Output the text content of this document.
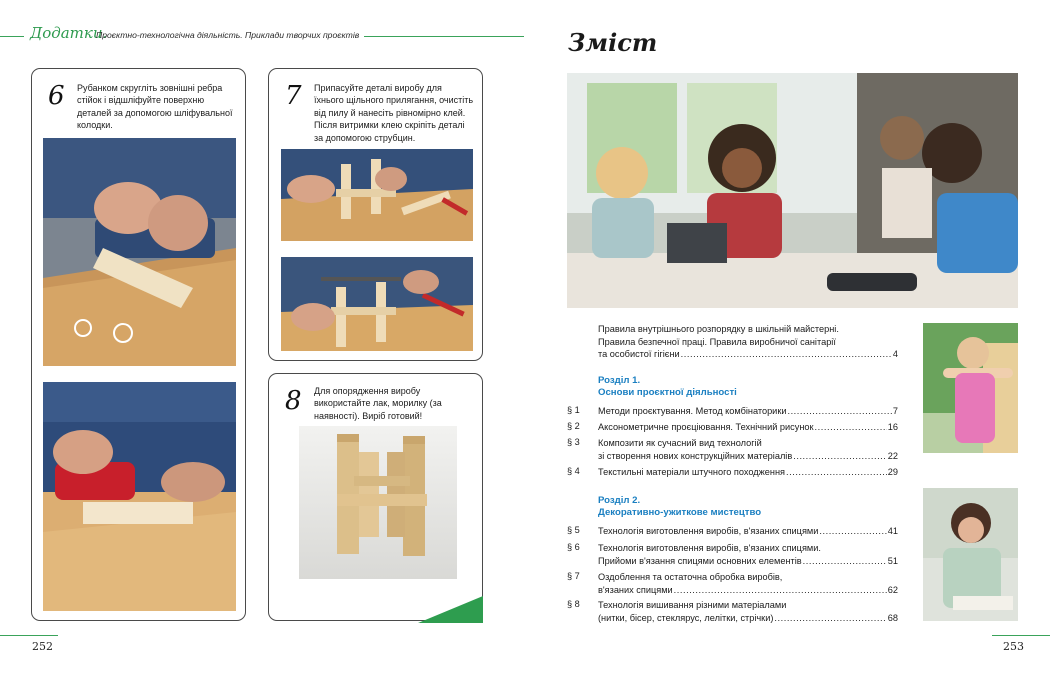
Додатки.
Проєктно-технологічна діяльність. Приклади творчих проєктів
6 Рубанком скругліть зовнішні ребра стійок і відшліфуйте поверхню деталей за допомогою шліфувальної колодки.
7 Припасуйте деталі виробу для їхнього щільного прилягання, очистіть від пилу й нанесіть рівномірно клей. Після витримки клею скріпіть деталі за допомогою струбцин.
8 Для опорядження виробу використайте лак, морилку (за наявності). Виріб готовий!
252
Зміст
Правила внутрішнього розпорядку в шкільній майстерні.
Правила безпечної праці. Правила виробничої санітарії
та особистої гігієни . . .	4
Розділ 1.
Основи проєктної діяльності
§ 1 Методи проєктування. Метод комбінаторики . . .	7
§ 2 Аксонометричне проєціювання. Технічний рисунок . . .	16
§ 3 Композити як сучасний вид технологій
зі створення нових конструкційних матеріалів . . .	22
§ 4 Текстильні матеріали штучного походження . . .	29
Розділ 2.
Декоративно-ужиткове мистецтво
§ 5 Технологія виготовлення виробів, в'язаних спицями . . .	41
§ 6 Технологія виготовлення виробів, в'язаних спицями.
Прийоми в'язання спицями основних елементів . . .	51
§ 7 Оздоблення та остаточна обробка виробів,
в'язаних спицями . . .	62
§ 8 Технологія вишивання різними матеріалами
(нитки, бісер, стеклярус, лелітки, стрічки) . . .	68
253
